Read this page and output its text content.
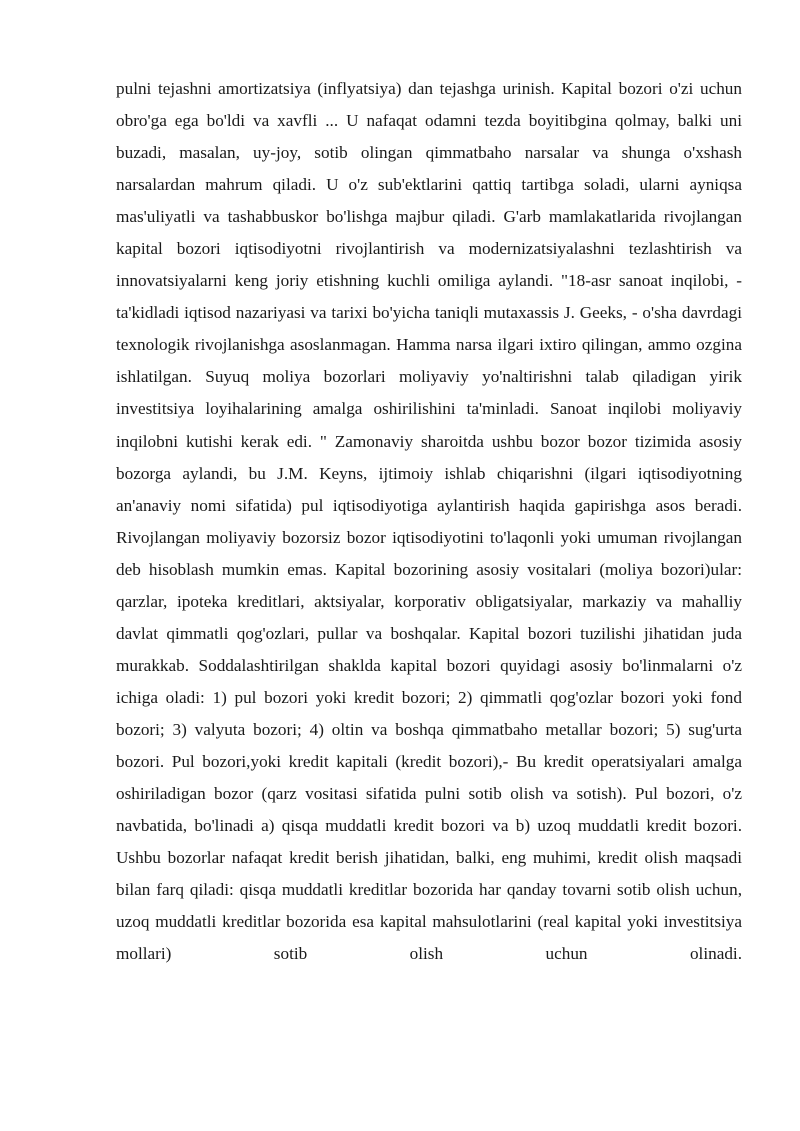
pulni tejashni amortizatsiya (inflyatsiya) dan tejashga urinish. Kapital bozori o'zi uchun obro'ga ega bo'ldi va xavfli ... U nafaqat odamni tezda boyitibgina qolmay, balki uni buzadi, masalan, uy-joy, sotib olingan qimmatbaho narsalar va shunga o'xshash narsalardan mahrum qiladi. U o'z sub'ektlarini qattiq tartibga soladi, ularni ayniqsa mas'uliyatli va tashabbuskor bo'lishga majbur qiladi. G'arb mamlakatlarida rivojlangan kapital bozori iqtisodiyotni rivojlantirish va modernizatsiyalashni tezlashtirish va innovatsiyalarni keng joriy etishning kuchli omiliga aylandi. "18-asr sanoat inqilobi, - ta'kidladi iqtisod nazariyasi va tarixi bo'yicha taniqli mutaxassis J. Geeks, - o'sha davrdagi texnologik rivojlanishga asoslanmagan. Hamma narsa ilgari ixtiro qilingan, ammo ozgina ishlatilgan. Suyuq moliya bozorlari moliyaviy yo'naltirishni talab qiladigan yirik investitsiya loyihalarining amalga oshirilishini ta'minladi. Sanoat inqilobi moliyaviy inqilobni kutishi kerak edi. " Zamonaviy sharoitda ushbu bozor bozor tizimida asosiy bozorga aylandi, bu J.M. Keyns, ijtimoiy ishlab chiqarishni (ilgari iqtisodiyotning an'anaviy nomi sifatida) pul iqtisodiyotiga aylantirish haqida gapirishga asos beradi. Rivojlangan moliyaviy bozorsiz bozor iqtisodiyotini to'laqonli yoki umuman rivojlangan deb hisoblash mumkin emas. Kapital bozorining asosiy vositalari (moliya bozori)ular: qarzlar, ipoteka kreditlari, aktsiyalar, korporativ obligatsiyalar, markaziy va mahalliy davlat qimmatli qog'ozlari, pullar va boshqalar. Kapital bozori tuzilishi jihatidan juda murakkab. Soddalashtirilgan shaklda kapital bozori quyidagi asosiy bo'linmalarni o'z ichiga oladi: 1) pul bozori yoki kredit bozori; 2) qimmatli qog'ozlar bozori yoki fond bozori; 3) valyuta bozori; 4) oltin va boshqa qimmatbaho metallar bozori; 5) sug'urta bozori. Pul bozori,yoki kredit kapitali (kredit bozori),- Bu kredit operatsiyalari amalga oshiriladigan bozor (qarz vositasi sifatida pulni sotib olish va sotish). Pul bozori, o'z navbatida, bo'linadi a) qisqa muddatli kredit bozori va b) uzoq muddatli kredit bozori. Ushbu bozorlar nafaqat kredit berish jihatidan, balki, eng muhimi, kredit olish maqsadi bilan farq qiladi: qisqa muddatli kreditlar bozorida har qanday tovarni sotib olish uchun, uzoq muddatli kreditlar bozorida esa kapital mahsulotlarini (real kapital yoki investitsiya mollari) sotib olish uchun olinadi.
